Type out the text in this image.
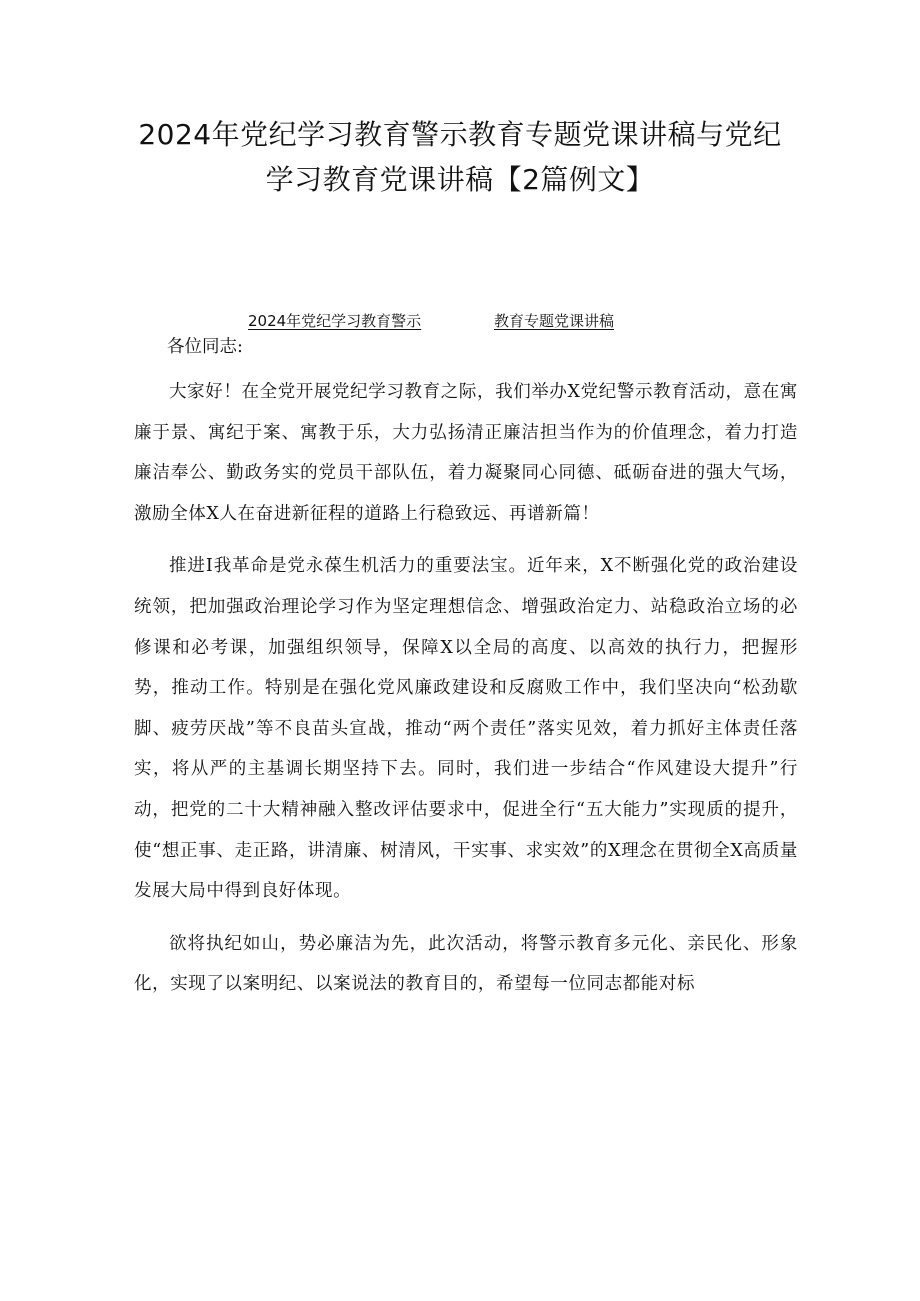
2024年党纪学习教育警示教育专题党课讲稿与党纪
学习教育党课讲稿【2篇例文】
2024年党纪学习教育警示	教育专题党课讲稿

各位同志:

大家好！在全党开展党纪学习教育之际，我们举办X党纪警示教育活动，意在寓廉于景、寓纪于案、寓教于乐，大力弘扬清正廉洁担当作为的价值理念，着力打造廉洁奉公、勤政务实的党员干部队伍，着力凝聚同心同德、砥砺奋进的强大气场，激励全体X人在奋进新征程的道路上行稳致远、再谱新篇！

推进I我革命是党永葆生机活力的重要法宝。近年来，X不断强化党的政治建设统领，把加强政治理论学习作为坚定理想信念、增强政治定力、站稳政治立场的必修课和必考课，加强组织领导，保障X以全局的高度、以高效的执行力，把握形势，推动工作。特别是在强化党风廉政建设和反腐败工作中，我们坚决向“松劲歇脚、疲劳厌战”等不良苗头宣战，推动“两个责任”落实见效，着力抓好主体责任落实，将从严的主基调长期坚持下去。同时，我们进一步结合“作风建设大提升”行动，把党的二十大精神融入整改评估要求中，促进全行“五大能力”实现质的提升，使“想正事、走正路，讲清廉、树清风，干实事、求实效”的X理念在贯彻全X高质量发展大局中得到良好体现。

欲将执纪如山，势必廉洁为先，此次活动，将警示教育多元化、亲民化、形象化，实现了以案明纪、以案说法的教育目的，希望每一位同志都能对标
